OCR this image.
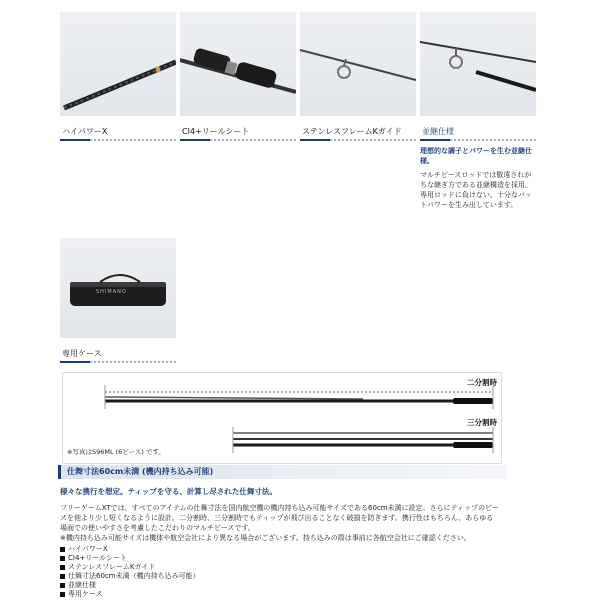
ハイパワーX	CI4+リールシート	ステンレスフレームKガイド	並継仕様
理想的な調子とパワーを生む並継仕様。
マルチピースロッドでは敬遠されがちな継ぎ方である並継構造を採用。専用ロッドに負けない、十分なバットパワーを生み出しています。
SHIMANO
専用ケース
二分割時
三分割時
※写真はS96ML (6ピース) です。
仕舞寸法60cm未満 (機内持ち込み可能)
様々な携行を想定。ティップを守る、計算し尽された仕舞寸法。
フリーゲームXTでは、すべてのアイテムの仕舞寸法を国内航空機の機内持ち込み可能サイズである60cm未満に設定。さらにティップのピースを他より少し短くなるように設計。二分割時、三分割時でもティップが飛び出ることなく破損を防ぎます。携行性はもちろん、あらゆる場面での使いやすさを考慮したこだわりのマルチピースです。
※機内持ち込み可能サイズは機体や航空会社により異なる場合がございます。持ち込みの際は事前に各航空会社にご確認ください。
ハイパワーX
CI4+リールシート
ステンレスフレームKガイド
仕舞寸法60cm未満（機内持ち込み可能）
並継仕様
専用ケース
